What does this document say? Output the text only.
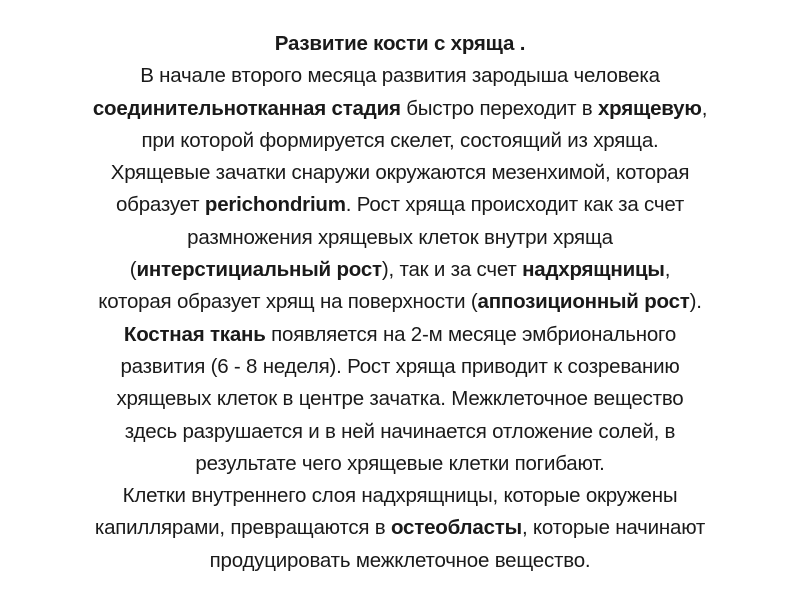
Развитие кости с хряща .
В начале второго месяца развития зародыша человека
соединительнотканная стадия быстро переходит в хрящевую,
при которой формируется скелет, состоящий из хряща.
Хрящевые зачатки снаружи окружаются мезенхимой, которая
образует perichondrium. Рост хряща происходит как за счет
размножения хрящевых клеток внутри хряща
(интерстициальный рост), так и за счет надхрящницы,
которая образует хрящ на поверхности (аппозиционный рост).
Костная ткань появляется на 2-м месяце эмбрионального
развития (6 - 8 неделя). Рост хряща приводит к созреванию
хрящевых клеток в центре зачатка. Межклеточное вещество
здесь разрушается и в ней начинается отложение солей, в
результате чего хрящевые клетки погибают.
Клетки внутреннего слоя надхрящницы, которые окружены
капиллярами, превращаются в остеобласты, которые начинают
продуцировать межклеточное вещество.
